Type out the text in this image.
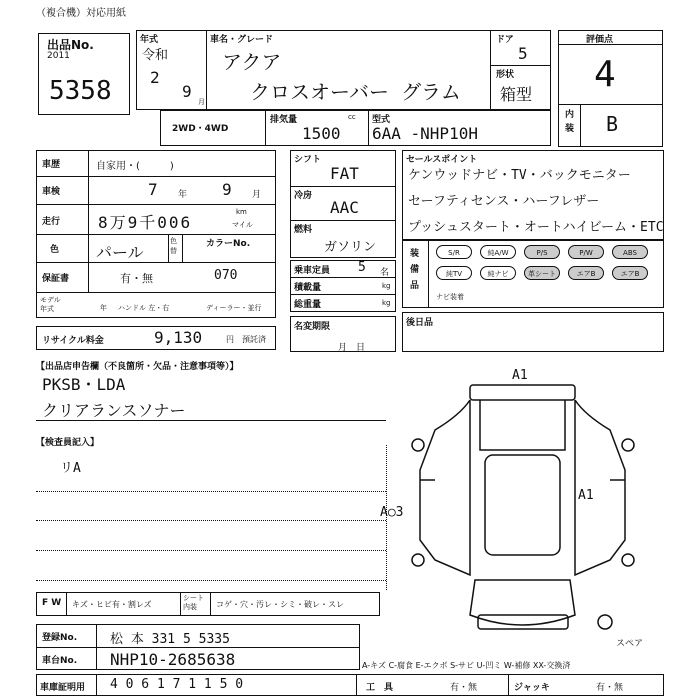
（複合機）対応用紙
出品No.
2011
5358
年式
令和
2
9
月
車名・グレード
アクア
クロスオーバー グラム
ドア
5
形状
箱型
評価点
4
内装 B
2WD・4WD
排気量	cc
1500
型式
6AA -NHP10H
車歴	自家用・(　　　)
車検	7 年 9 月
走行 8万9千006
km
マイル
色 パール
色替
カラーNo.
070
保証書	有・無
モデル年式	年 ハンドル 左・右	ディーラー・並行
リサイクル料金	9,130	円 預託済
シフト
FAT
冷房
AAC
燃料
ガソリン
乗車定員 5 名
積載量	kg
総重量	kg
名変期限
月　日
セールスポイント
ケンウッドナビ・TV・バックモニター
セーフティセンス・ハーフレザー
プッシュスタート・オートハイビーム・ETC
装備品
S/R	純A/W	P/S	P/W	ABS
純TV	純ナビ	革シート	エアB	エアB
ナビ装着
後日品
【出品店申告欄（不良箇所・欠品・注意事項等）】
PKSB・LDA
クリアランスソナー
【検査員記入】
リA
A1
A○3
A1
スペア
F W キズ・ヒビ有・割レズ
シート内装	コゲ・穴・汚レ・シミ・破レ・スレ
登録No.	松 本 331 5 5335
車台No. NHP10-2685638	A-キズ C-腐食 E-エクボ S-サビ U-凹ミ W-補修 XX-交換済
車庫証明用 4 0 6 1 7 1 1 5 0	工　具	有・無	ジャッキ	有・無
